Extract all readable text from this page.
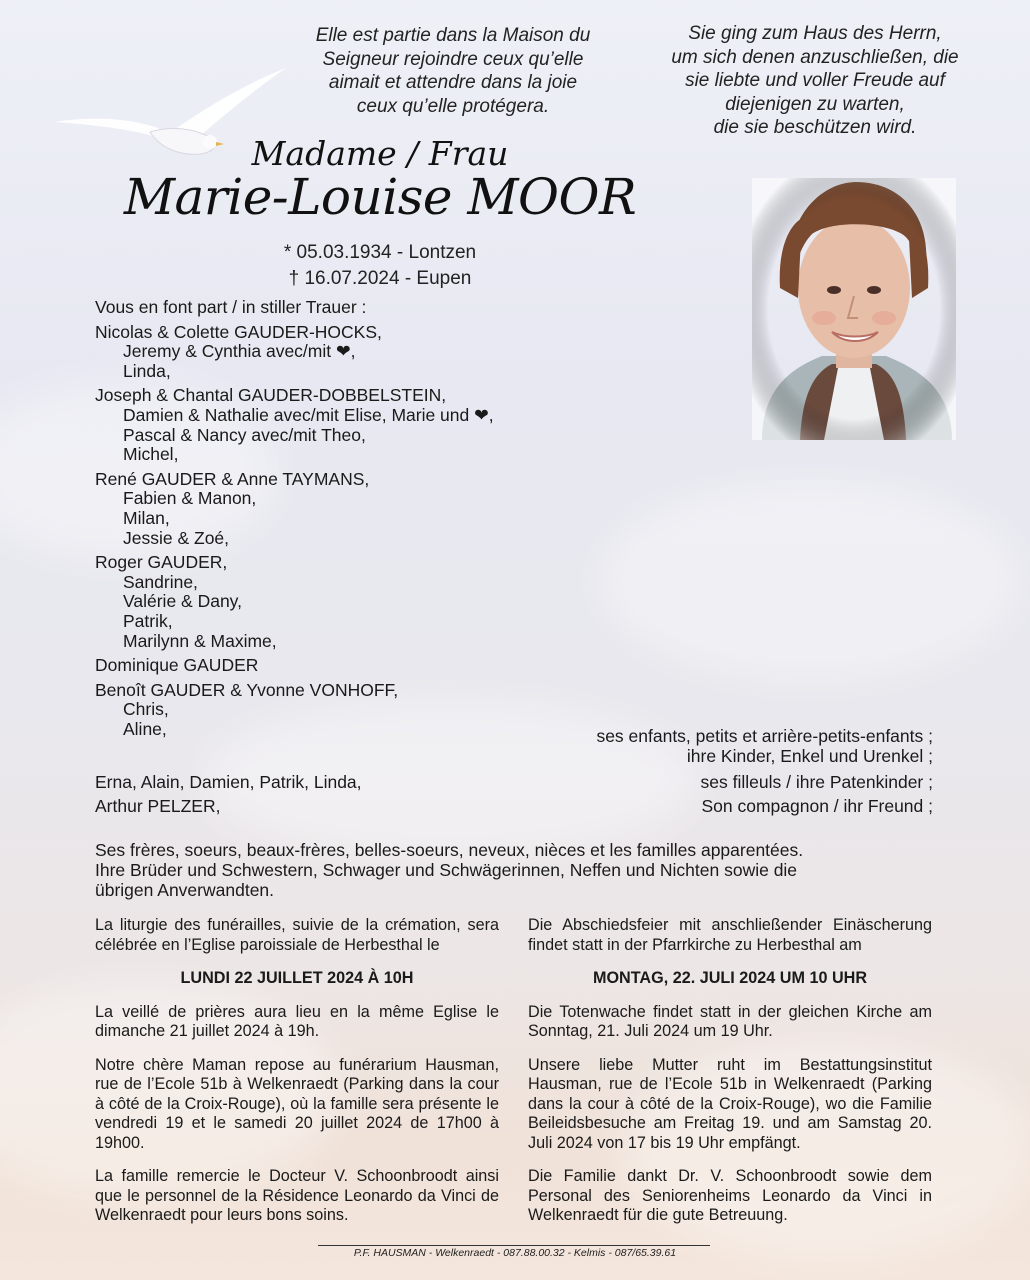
Elle est partie dans la Maison du
Seigneur rejoindre ceux qu’elle
aimait et attendre dans la joie
ceux qu’elle protégera.
Sie ging zum Haus des Herrn,
um sich denen anzuschließen, die
sie liebte und voller Freude auf
diejenigen zu warten,
die sie beschützen wird.
Madame / Frau
Marie-Louise MOOR
* 05.03.1934 - Lontzen
† 16.07.2024 - Eupen
Vous en font part / in stiller Trauer :
Nicolas & Colette GAUDER-HOCKS,
Jeremy & Cynthia avec/mit ❤,
Linda,
Joseph & Chantal GAUDER-DOBBELSTEIN,
Damien & Nathalie avec/mit Elise, Marie und ❤,
Pascal & Nancy avec/mit Theo,
Michel,
René GAUDER & Anne TAYMANS,
Fabien & Manon,
Milan,
Jessie & Zoé,
Roger GAUDER,
Sandrine,
Valérie & Dany,
Patrik,
Marilynn & Maxime,
Dominique GAUDER
Benoît GAUDER & Yvonne VONHOFF,
Chris,
Aline,	ses enfants, petits et arrière-petits-enfants ;
ihre Kinder, Enkel und Urenkel ;
Erna, Alain, Damien, Patrik, Linda,	ses filleuls / ihre Patenkinder ;
Arthur PELZER,	Son compagnon / ihr Freund ;
Ses frères, soeurs, beaux-frères, belles-soeurs, neveux, nièces et les familles apparentées.
Ihre Brüder und Schwestern, Schwager und Schwägerinnen, Neffen und Nichten sowie die
übrigen Anverwandten.

La liturgie des funérailles, suivie de la crémation, sera célébrée en l’Eglise paroissiale de Herbesthal le

LUNDI 22 JUILLET 2024 À 10H

La veillé de prières aura lieu en la même Eglise le dimanche 21 juillet 2024 à 19h.

Notre chère Maman repose au funérarium Hausman, rue de l’Ecole 51b à Welkenraedt (Parking dans la cour à côté de la Croix-Rouge), où la famille sera présente le vendredi 19 et le samedi 20 juillet 2024 de 17h00 à 19h00.

La famille remercie le Docteur V. Schoonbroodt ainsi que le personnel de la Résidence Leonardo da Vinci de Welkenraedt pour leurs bons soins.

Die Abschiedsfeier mit anschließender Einäscherung findet statt in der Pfarrkirche zu Herbesthal am

MONTAG, 22. JULI 2024 UM 10 UHR

Die Totenwache findet statt in der gleichen Kirche am Sonntag, 21. Juli 2024 um 19 Uhr.

Unsere liebe Mutter ruht im Bestattungsinstitut Hausman, rue de l’Ecole 51b in Welkenraedt (Parking dans la cour à côté de la Croix-Rouge), wo die Familie Beileidsbesuche am Freitag 19. und am Samstag 20. Juli 2024 von 17 bis 19 Uhr empfängt.

Die Familie dankt Dr. V. Schoonbroodt sowie dem Personal des Seniorenheims Leonardo da Vinci in Welkenraedt für die gute Betreuung.

P.F. HAUSMAN - Welkenraedt - 087.88.00.32 - Kelmis - 087/65.39.61
